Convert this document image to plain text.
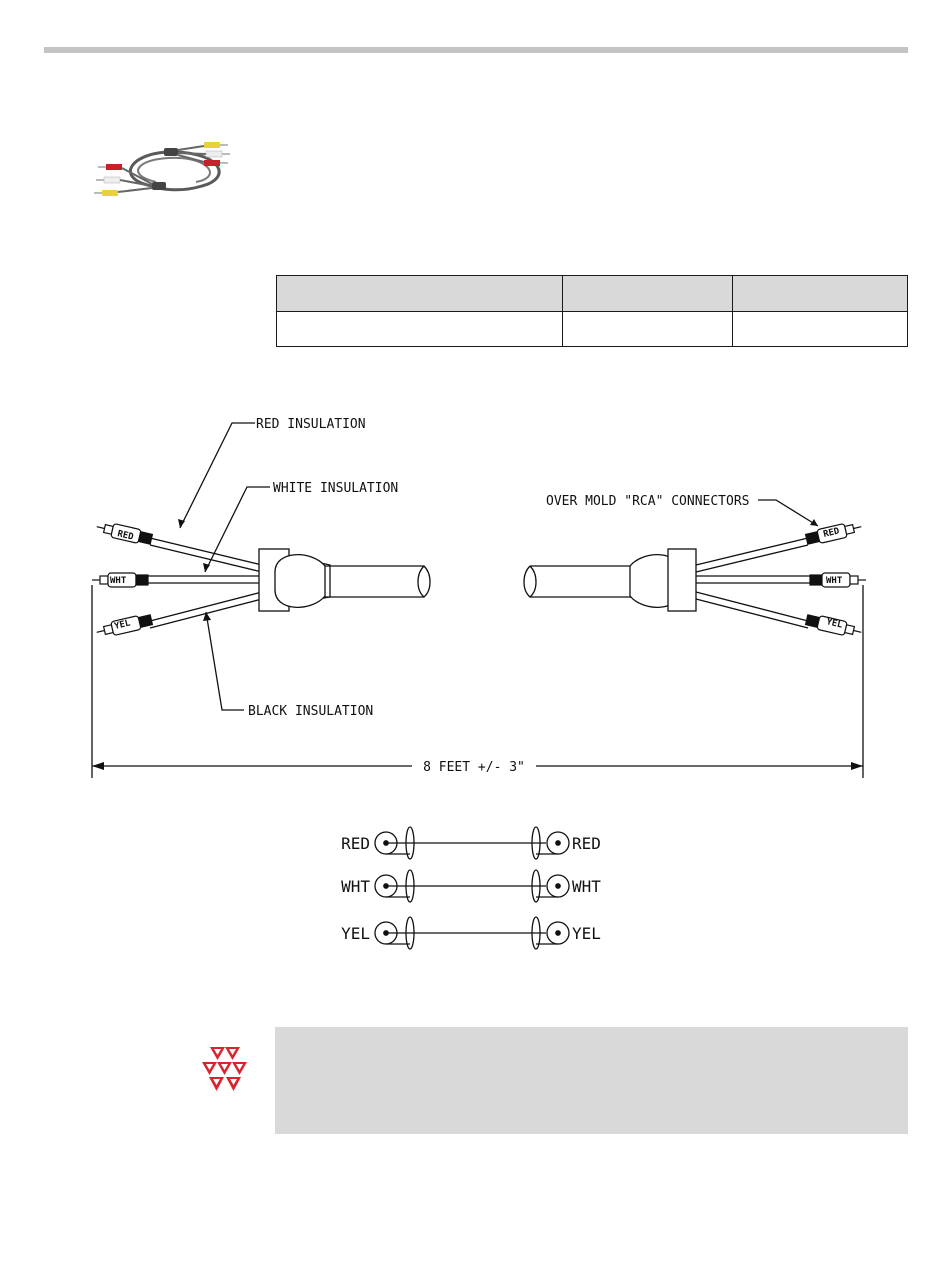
RED
WHT
YEL
RED
WHT
YEL
RED INSULATION
WHITE INSULATION
BLACK INSULATION
OVER MOLD "RCA" CONNECTORS
8 FEET +/- 3"
RED	RED
WHT	WHT
YEL	YEL
